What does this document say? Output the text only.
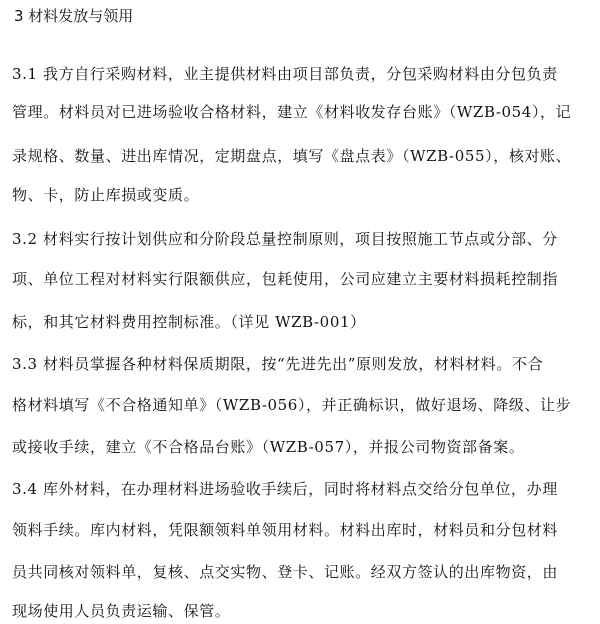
3 材料发放与领用
3.1 我方自行采购材料，业主提供材料由项目部负责，分包采购材料由分包负责
管理。材料员对已进场验收合格材料，建立《材料收发存台账》（WZB-054），记
录规格、数量、进出库情况，定期盘点，填写《盘点表》（WZB-055），核对账、
物、卡，防止库损或变质。
3.2 材料实行按计划供应和分阶段总量控制原则，项目按照施工节点或分部、分
项、单位工程对材料实行限额供应，包耗使用，公司应建立主要材料损耗控制指
标，和其它材料费用控制标准。（详见 WZB-001）
3.3 材料员掌握各种材料保质期限，按“先进先出”原则发放，材料材料。不合
格材料填写《不合格通知单》（WZB-056），并正确标识，做好退场、降级、让步
或接收手续，建立《不合格品台账》（WZB-057），并报公司物资部备案。
3.4 库外材料，在办理材料进场验收手续后，同时将材料点交给分包单位，办理
领料手续。库内材料，凭限额领料单领用材料。材料出库时，材料员和分包材料
员共同核对领料单，复核、点交实物、登卡、记账。经双方签认的出库物资，由
现场使用人员负责运输、保管。
